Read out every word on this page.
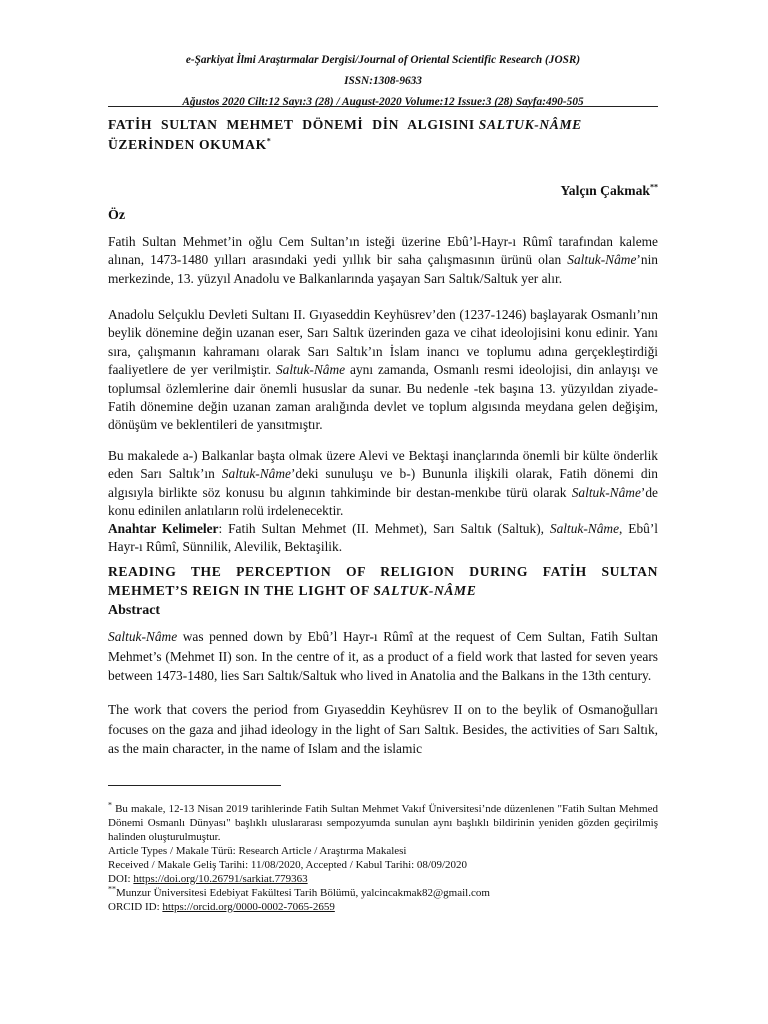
e-Şarkiyat İlmi Araştırmalar Dergisi/Journal of Oriental Scientific Research (JOSR)
ISSN:1308-9633
Ağustos 2020 Cilt:12 Sayı:3 (28) / August-2020 Volume:12 Issue:3 (28) Sayfa:490-505
FATİH SULTAN MEHMET DÖNEMİ DİN ALGISINI SALTUK-NÂME
ÜZERİNDEN OKUMAK*
Yalçın Çakmak**
Öz

Fatih Sultan Mehmet’in oğlu Cem Sultan’ın isteği üzerine Ebû’l-Hayr-ı Rûmî tarafından kaleme alınan, 1473-1480 yılları arasındaki yedi yıllık bir saha çalışmasının ürünü olan Saltuk-Nâme’nin merkezinde, 13. yüzyıl Anadolu ve Balkanlarında yaşayan Sarı Saltık/Saltuk yer alır.

Anadolu Selçuklu Devleti Sultanı II. Gıyaseddin Keyhüsrev’den (1237-1246) başlayarak Osmanlı’nın beylik dönemine değin uzanan eser, Sarı Saltık üzerinden gaza ve cihat ideolojisini konu edinir. Yanı sıra, çalışmanın kahramanı olarak Sarı Saltık’ın İslam inancı ve toplumu adına gerçekleştirdiği faaliyetlere de yer verilmiştir. Saltuk-Nâme aynı zamanda, Osmanlı resmi ideolojisi, din anlayışı ve toplumsal özlemlerine dair önemli hususlar da sunar. Bu nedenle -tek başına 13. yüzyıldan ziyade- Fatih dönemine değin uzanan zaman aralığında devlet ve toplum algısında meydana gelen değişim, dönüşüm ve beklentileri de yansıtmıştır.

Bu makalede a-) Balkanlar başta olmak üzere Alevi ve Bektaşi inançlarında önemli bir külte önderlik eden Sarı Saltık’ın Saltuk-Nâme’deki sunuluşu ve b-) Bununla ilişkili olarak, Fatih dönemi din algısıyla birlikte söz konusu bu algının tahkiminde bir destan-menkıbe türü olarak Saltuk-Nâme’de konu edinilen anlatıların rolü irdelenecektir.

Anahtar Kelimeler: Fatih Sultan Mehmet (II. Mehmet), Sarı Saltık (Saltuk), Saltuk-Nâme, Ebû’l Hayr-ı Rûmî, Sünnilik, Alevilik, Bektaşilik.

READING THE PERCEPTION OF RELIGION DURING FATİH SULTAN MEHMET’S REIGN IN THE LIGHT OF SALTUK-NÂME
Abstract

Saltuk-Nâme was penned down by Ebû’l Hayr-ı Rûmî at the request of Cem Sultan, Fatih Sultan Mehmet’s (Mehmet II) son. In the centre of it, as a product of a field work that lasted for seven years between 1473-1480, lies Sarı Saltık/Saltuk who lived in Anatolia and the Balkans in the 13th century.

The work that covers the period from Gıyaseddin Keyhüsrev II on to the beylik of Osmanoğulları focuses on the gaza and jihad ideology in the light of Sarı Saltık. Besides, the activities of Sarı Saltık, as the main character, in the name of Islam and the islamic

* Bu makale, 12-13 Nisan 2019 tarihlerinde Fatih Sultan Mehmet Vakıf Üniversitesi’nde düzenlenen "Fatih Sultan Mehmed Dönemi Osmanlı Dünyası" başlıklı uluslararası sempozyumda sunulan aynı başlıklı bildirinin yeniden gözden geçirilmiş halinden oluşturulmuştur.

Article Types / Makale Türü: Research Article / Araştırma Makalesi

Received / Makale Geliş Tarihi: 11/08/2020, Accepted / Kabul Tarihi: 08/09/2020

DOI: https://doi.org/10.26791/sarkiat.779363

**Munzur Üniversitesi Edebiyat Fakültesi Tarih Bölümü, yalcincakmak82@gmail.com

ORCID ID: https://orcid.org/0000-0002-7065-2659
